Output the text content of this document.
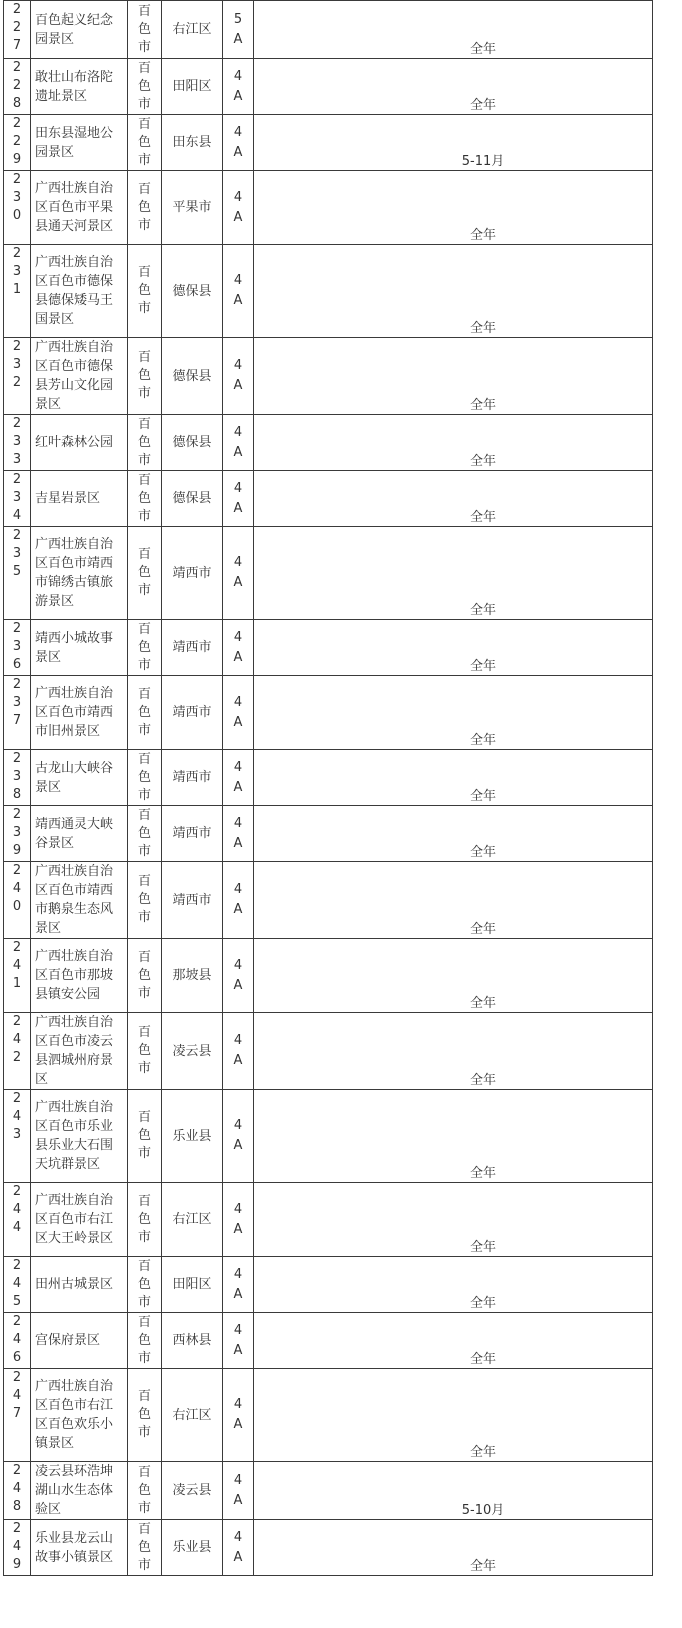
227	百色起义纪念园景区	百色市	右江区	5A	全年

228	敢壮山布洛陀遗址景区	百色市	田阳区	4A	全年

229	田东县湿地公园景区	百色市	田东县	4A	5-11月

230	广西壮族自治区百色市平果县通天河景区	百色市	平果市	4A	全年

231	广西壮族自治区百色市德保县德保矮马王国景区	百色市	德保县	4A	全年

232	广西壮族自治区百色市德保县芳山文化园景区	百色市	德保县	4A	全年

233	红叶森林公园	百色市	德保县	4A	全年

234	吉星岩景区	百色市	德保县	4A	全年

235	广西壮族自治区百色市靖西市锦绣古镇旅游景区	百色市	靖西市	4A	全年

236	靖西小城故事景区	百色市	靖西市	4A	全年

237	广西壮族自治区百色市靖西市旧州景区	百色市	靖西市	4A	全年

238	古龙山大峡谷景区	百色市	靖西市	4A	全年

239	靖西通灵大峡谷景区	百色市	靖西市	4A	全年

240	广西壮族自治区百色市靖西市鹅泉生态风景区	百色市	靖西市	4A	全年

241	广西壮族自治区百色市那坡县镇安公园	百色市	那坡县	4A	全年

242	广西壮族自治区百色市凌云县泗城州府景区	百色市	凌云县	4A	全年

243	广西壮族自治区百色市乐业县乐业大石围天坑群景区	百色市	乐业县	4A	全年

244	广西壮族自治区百色市右江区大王岭景区	百色市	右江区	4A	全年

245	田州古城景区	百色市	田阳区	4A	全年

246	宫保府景区	百色市	西林县	4A	全年

247	广西壮族自治区百色市右江区百色欢乐小镇景区	百色市	右江区	4A	全年

248	凌云县环浩坤湖山水生态体验区	百色市	凌云县	4A	5-10月

249	乐业县龙云山故事小镇景区	百色市	乐业县	4A	全年
